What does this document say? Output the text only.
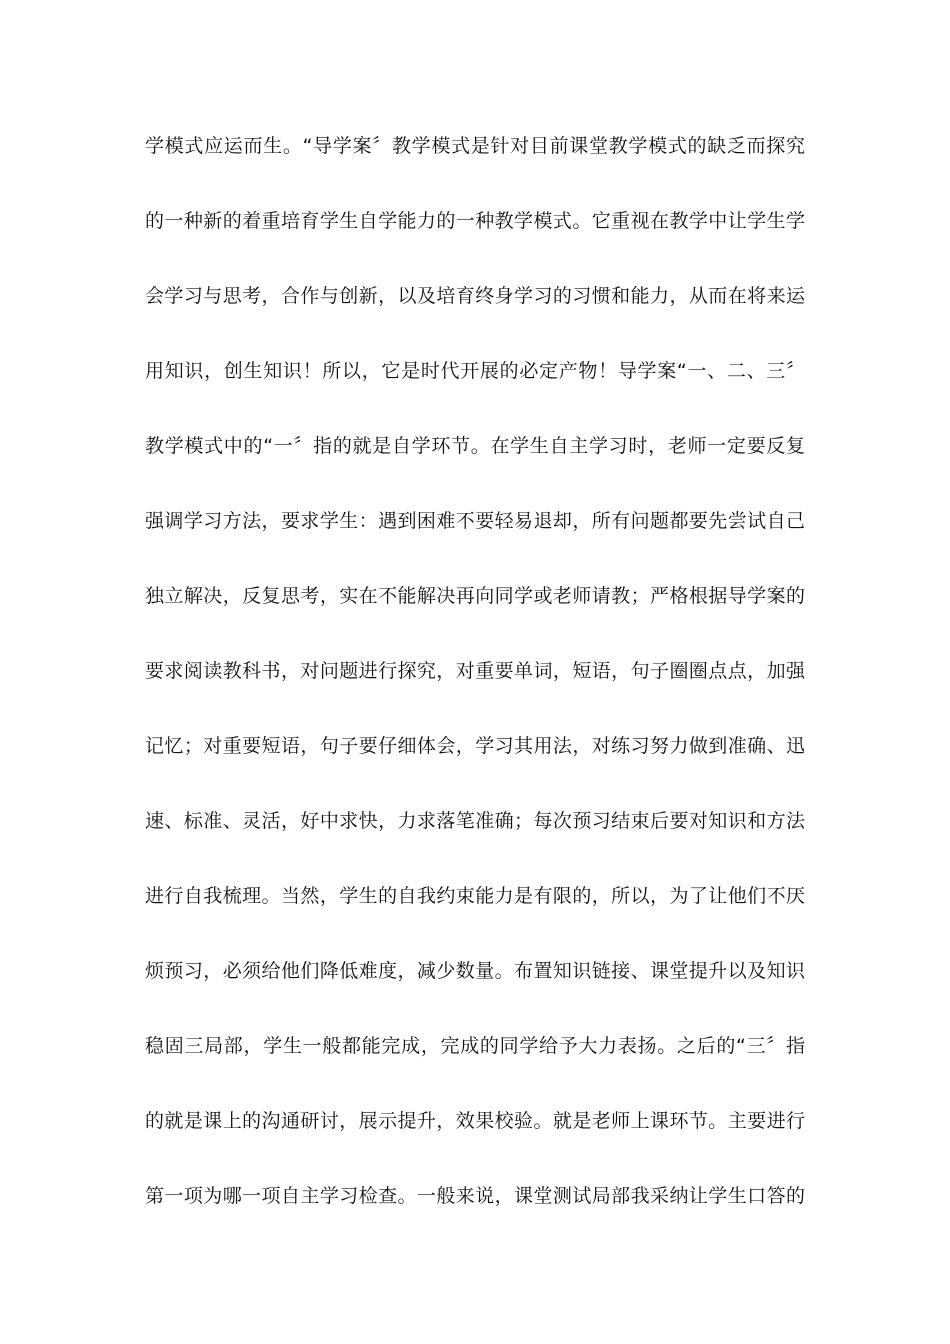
学模式应运而生。“导学案〞教学模式是针对目前课堂教学模式的缺乏而探究
的一种新的着重培育学生自学能力的一种教学模式。它重视在教学中让学生学
会学习与思考，合作与创新，以及培育终身学习的习惯和能力，从而在将来运
用知识，创生知识！所以，它是时代开展的必定产物！导学案“一、二、三〞
教学模式中的“一〞指的就是自学环节。在学生自主学习时，老师一定要反复
强调学习方法，要求学生：遇到困难不要轻易退却，所有问题都要先尝试自己
独立解决，反复思考，实在不能解决再向同学或老师请教；严格根据导学案的
要求阅读教科书，对问题进行探究，对重要单词，短语，句子圈圈点点，加强
记忆；对重要短语，句子要仔细体会，学习其用法，对练习努力做到准确、迅
速、标准、灵活，好中求快，力求落笔准确；每次预习结束后要对知识和方法
进行自我梳理。当然，学生的自我约束能力是有限的，所以，为了让他们不厌
烦预习，必须给他们降低难度，减少数量。布置知识链接、课堂提升以及知识
稳固三局部，学生一般都能完成，完成的同学给予大力表扬。之后的“三〞指
的就是课上的沟通研讨，展示提升，效果校验。就是老师上课环节。主要进行
第一项为哪一项自主学习检查。一般来说，课堂测试局部我采纳让学生口答的
